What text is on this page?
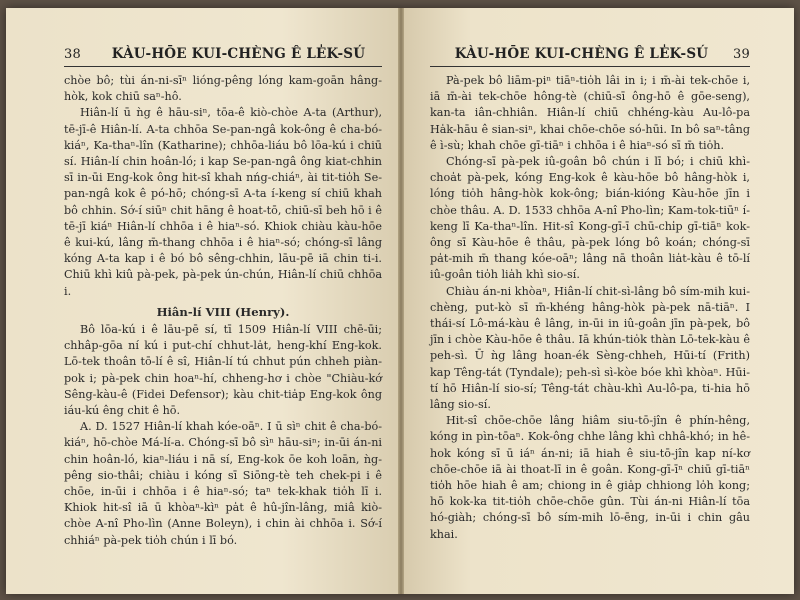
38	KÀU-HŌE KUI-CHÈNG Ê LE̍K-SÚ

chòe bô; tùi án-ni-sīⁿ lióng-pêng lóng kam-goān hâng-hòk, kok chiū saⁿ-hô.

Hiân-lí ū ǹg ê hāu-siⁿ, tōa-ê kiò-chòe A-ta (Arthur), tē-jī-ê Hiân-lí. A-ta chhōa Se-pan-ngâ kok-ông ê cha-bó-kiáⁿ, Ka-thaⁿ-lîn (Katharine); chhōa-liáu bô lōa-kú i chiū sí. Hiân-lí chin hoân-ló; i kap Se-pan-ngâ ông kiat-chhin sī in-ūi Eng-kok ông hit-sî khah nńg-chiáⁿ, ài tit-tio̍h Se-pan-ngâ kok ê pó-hō; chóng-sī A-ta í-keng sí chiū khah bô chhin. Sớ-í siūⁿ chit hāng ê hoat-tō, chiū-sī beh hō i ê tē-jī kiáⁿ Hiân-lí chhōa i ê hiaⁿ-só. Khiok chiàu kàu-hōe ê kui-kú, lâng m̄-thang chhōa i ê hiaⁿ-só; chóng-sī lâng kóng A-ta kap i ê bó bô sêng-chhin, lāu-pē iā chin ti-i. Chiū khì kiû pà-pek, pà-pek ún-chún, Hiân-lí chiū chhōa i.

Hiân-lí VIII (Henry).

Bô lōa-kú i ê lāu-pē sí, tī 1509 Hiân-lí VIII chē-ūi; chhâp-gōa ní kú i put-chí chhut-la̍t, heng-khí Eng-kok. Lō-tek thoân tō-lí ê sî, Hiân-lí tú chhut pún chheh piàn-pok i; pà-pek chin hoaⁿ-hí, chheng-hơ i chòe "Chiàu-kớ Sêng-kàu-ê (Fidei Defensor); kàu chit-tia̍p Eng-kok ông iáu-kú êng chit ê hō.

A. D. 1527 Hiân-lí khah kóe-oāⁿ. I ū sìⁿ chit ê cha-bó-kiáⁿ, hō-chòe Má-lí-a. Chóng-sī bô sìⁿ hāu-siⁿ; in-ūi án-ni chin hoân-ló, kiaⁿ-liáu i nā sí, Eng-kok ōe koh loān, ǹg-pêng sio-thâi; chiàu i kóng sī Siōng-tè teh chek-pi i ê chōe, in-ūi i chhōa i ê hiaⁿ-só; taⁿ tek-khak tio̍h lī i. Khiok hit-sî iā ū khòaⁿ-kìⁿ pa̍t ê hû-jîn-lâng, miâ kiò-chòe A-nî Pho-lìn (Anne Boleyn), i chin ài chhōa i. Sớ-í chhiáⁿ pà-pek tio̍h chún i lī bó.

KÀU-HŌE KUI-CHÈNG Ê LE̍K-SÚ	39

Pà-pek bô liām-piⁿ tiāⁿ-tio̍h lâi in i; i m̄-ài tek-chōe i, iā m̄-ài tek-chōe hông-tè (chiū-sī ông-hō ê gōe-seng), kan-ta iân-chhiân. Hiân-lí chiū chhéng-kàu Au-lô-pa Ha̍k-hāu ê sian-siⁿ, khai chōe-chōe só-hūi. In bô saⁿ-tâng ê ì-sù; khah chōe gī-tiāⁿ i chhōa i ê hiaⁿ-só sī m̄ tio̍h.

Chóng-sī pà-pek iû-goân bô chún i lī bó; i chiū khì-choa̍t pà-pek, kóng Eng-kok ê kàu-hōe bô hâng-hòk i, lóng tio̍h hâng-hòk kok-ông; bián-kióng Kàu-hōe jīn i chòe thâu. A. D. 1533 chhōa A-nî Pho-lìn; Kam-tok-tiūⁿ í-keng lī Ka-thaⁿ-lîn. Hit-sî Kong-gī-ī chū-chi̍p gī-tiāⁿ kok-ông sī Kàu-hōe ê thâu, pà-pek lóng bô koán; chóng-sī pa̍t-mih m̄ thang kóe-oāⁿ; lâng nā thoân lia̍t-kàu ê tō-lí iû-goân tio̍h lia̍h khì sio-sí.

Chiàu án-ni khòaⁿ, Hiân-lí chit-sì-lâng bô sím-mih kui-chèng, put-kò sī m̄-khéng hâng-hòk pà-pek nā-tiāⁿ. I thái-sí Lô-má-kàu ê lâng, in-ūi in iû-goân jīn pà-pek, bô jīn i chòe Kàu-hōe ê thâu. Iā khún-tio̍k thàn Lō-tek-kàu ê peh-sì. Ū ǹg lâng hoan-ék Sèng-chheh, Hūi-tí (Frith) kap Têng-tát (Tyndale); peh-sì sì-kòe bóe khì khòaⁿ. Hūi-tí hō Hiân-lí sio-sí; Têng-tát chàu-khì Au-lô-pa, ti-hia hō lâng sio-sí.

Hit-sî chōe-chōe lâng hiâm siu-tō-jîn ê phín-hêng, kóng in pìn-tōaⁿ. Kok-ông chhe lâng khì chhâ-khó; in hê-hok kóng sī ū iáⁿ án-ni; iā hiah ê siu-tō-jîn kap ní-kơ chōe-chōe iā ài thoat-lī in ê goân. Kong-gī-īⁿ chiū gī-tiāⁿ tio̍h hōe hiah ê am; chiong in ê gia̍p chhiong lo̍h kong; hō kok-ka tit-tio̍h chōe-chōe gûn. Tùi án-ni Hiân-lí tōa hó-giàh; chóng-sī bô sím-mih lō-ēng, in-ūi i chin gâu khai.
